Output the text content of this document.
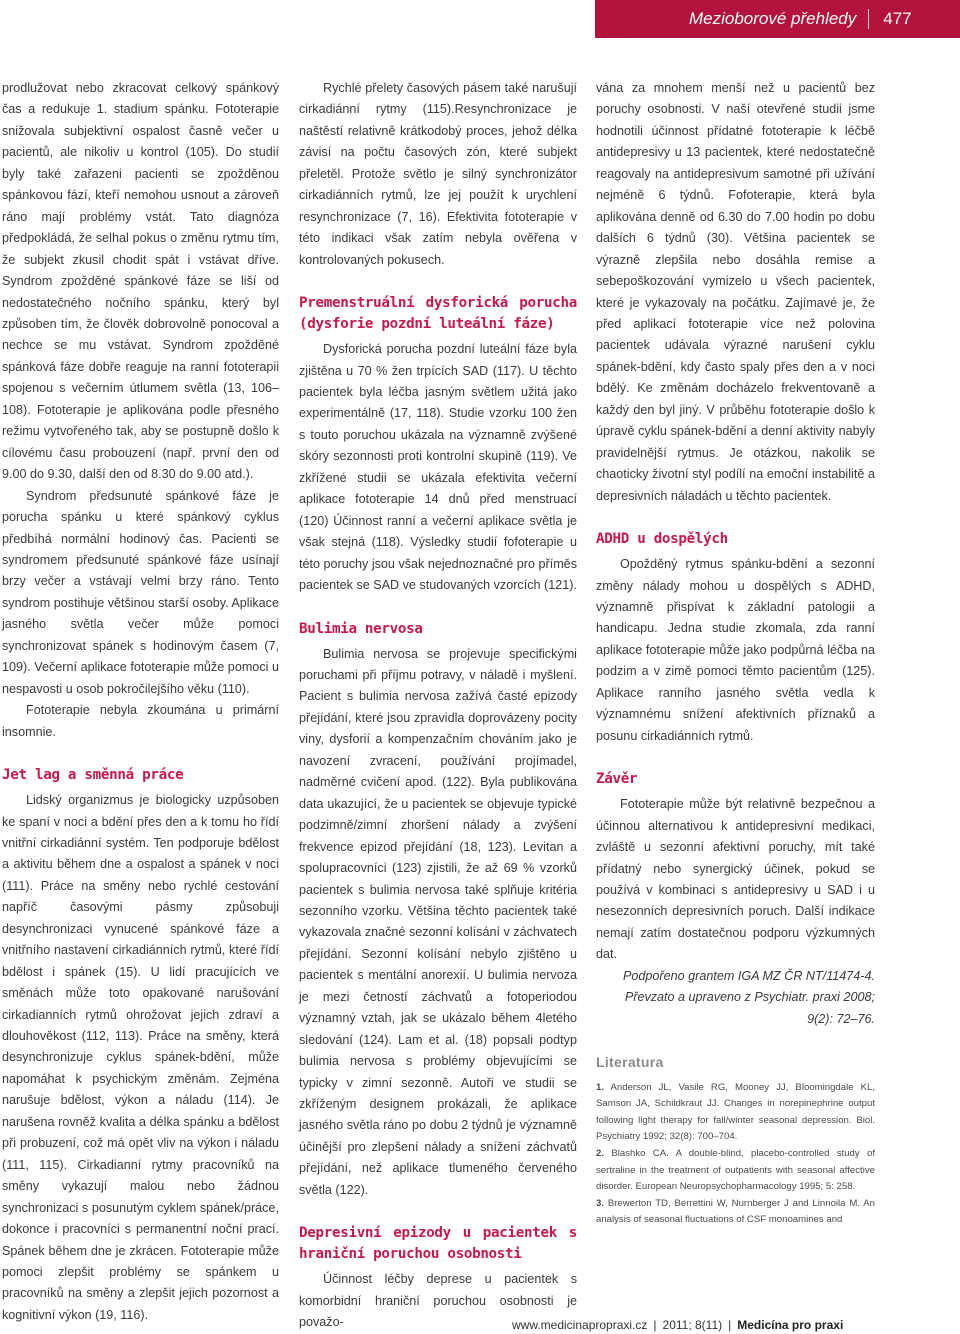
Mezioborové přehledy 477

prodlužovat nebo zkracovat celkový spánkový čas a redukuje 1. stadium spánku. Fototerapie snižovala subjektivní ospalost časně večer u pacientů, ale nikoliv u kontrol (105). Do studií byly také zařazeni pacienti se zpožděnou spánkovou fází, kteří nemohou usnout a zároveň ráno mají problémy vstát. Tato diagnóza předpokládá, že selhal pokus o změnu rytmu tím, že subjekt zkusil chodit spát i vstávat dříve. Syndrom zpožděné spánkové fáze se liší od nedostatečného nočního spánku, který byl způsoben tím, že člověk dobrovolně ponocoval a nechce se mu vstávat. Syndrom zpožděné spánková fáze dobře reaguje na ranní fototerapii spojenou s večerním útlumem světla (13, 106–108). Fototerapie je aplikována podle přesného režimu vytvořeného tak, aby se postupně došlo k cílovému času probouzení (např. první den od 9.00 do 9.30, další den od 8.30 do 9.00 atd.).

Syndrom předsunuté spánkové fáze je poruchа spánku u které spánkový cyklus předbíhá normální hodinový čas. Pacienti se syndromem předsunuté spánkové fáze usínají brzy večer a vstávají velmi brzy ráno. Tento syndrom postihuje většinou starší osoby. Aplikace jasného světla večer může pomoci synchronizovat spánek s hodinovým časem (7, 109). Večerní aplikace fototerapie může pomoci u nespavosti u osob pokročilejšího věku (110).

Fototerapie nebyla zkoumána u primární insomnie.

Jet lag a směnná práce

Lidský organizmus je biologicky uzpůsoben ke spaní v noci a bdění přes den a k tomu ho řídí vnitřní cirkadiánní systém. Ten podporuje bdělost a aktivitu během dne a ospalost a spánek v noci (111). Práce na směny nebo rychlé cestování napříč časovými pásmy způsobuji desynchronizaci vynucené spánkové fáze a vnitřního nastavení cirkadiánních rytmů, které řídí bdělost i spánek (15). U lidí pracujících ve směnách může toto opakované narušování cirkadianních rytmů ohrožovat jejich zdraví a dlouhověkost (112, 113). Práce na směny, která desynchronizuje cyklus spánek-bdění, může napomáhat k psychickým změnám. Zejména narušuje bdělost, výkon a náladu (114). Je narušena rovněž kvalita a délka spánku a bdělost při probuzení, což má opět vliv na výkon i náladu (111, 115). Cirkadianní rytmy pracovníků na směny vykazují malou nebo žádnou synchronizaci s posunutým cyklem spánek/práce, dokonce i pracovníci s permanentní noční prací. Spánek během dne je zkrácen. Fototerapie může pomoci zlepšit problémy se spánkem u pracovníků na směny a zlepšit jejich pozornost a kognitivní výkon (19, 116).

Rychlé přelety časových pásem také narušují cirkadiánní rytmy (115).Resynchronizace je naštěstí relativně krátkodobý proces, jehož délka závisí na počtu časových zón, které subjekt přeletěl. Protože světlo je silný synchronizátor cirkadiánních rytmů, lze jej použít k urychlení resynchronizace (7, 16). Efektivita fototerapie v této indikaci však zatím nebyla ověřena v kontrolovaných pokusech.

Premenstruální dysforická porucha (dysforie pozdní luteální fáze)

Dysforická porucha pozdní luteální fáze byla zjištěna u 70 % žen trpících SAD (117). U těchto pacientek byla léčba jasným světlem užitá jako experimentálně (17, 118). Studie vzorku 100 žen s touto poruchou ukázala na významně zvýšené skóry sezonnosti proti kontrolní skupině (119). Ve zkřížené studii se ukázala efektivita večerní aplikace fototerapie 14 dnů před menstruací (120) Účinnost ranní a večerní aplikace světla je však stejná (118). Výsledky studií fofoterapie u této poruchy jsou však nejednoznačné pro příměs pacientek se SAD ve studovaných vzorcích (121).

Bulimia nervosa

Bulimia nervosa se projevuje specifickými poruchami při příjmu potravy, v náladě i myšlení. Pacient s bulimia nervosa zažívá časté epizody přejídání, které jsou zpravidla doprovázeny pocity viny, dysforií a kompenzačním chováním jako je navození zvracení, používání projímadel, nadměrné cvičení apod. (122). Byla publikována data ukazující, že u pacientek se objevuje typické podzimně/zimní zhoršení nálady a zvýšení frekvence epizod přejídání (18, 123). Levitan a spolupracovníci (123) zjistili, že až 69 % vzorků pacientek s bulimia nervosa také splňuje kritéria sezonního vzorku. Většina těchto pacientek také vykazovala značné sezonní kolísání v záchvatech přejídání. Sezonní kolísání nebylo zjištěno u pacientek s mentální anorexií. U bulimia nervoza je mezi četností záchvatů a fotoperiodou významný vztah, jak se ukázalo během 4letého sledování (124). Lam et al. (18) popsali podtyp bulimia nervosa s problémy objevujícími se typicky v zimní sezonně. Autoři ve studii se zkříženým designem prokázali, že aplikace jasného světla ráno po dobu 2 týdnů je významně účinější pro zlepšení nálady a snížení záchvatů přejídání, než aplikace tlumeného červeného světla (122).

Depresivní epizody u pacientek s hraniční poruchou osobnosti

Účinnost léčby deprese u pacientek s komorbidní hraniční poruchou osobnosti je považo-

vána za mnohem menší než u pacientů bez poruchy osobnosti. V naší otevřené studii jsme hodnotili účinnost přídatné fototerapie k léčbě antidepresivy u 13 pacientek, které nedostatečně reagovaly na antidepresivum samotné při užívání nejméně 6 týdnů. Fofoterapie, která byla aplikována denně od 6.30 do 7.00 hodin po dobu dalších 6 týdnů (30). Většina pacientek se výrazně zlepšila nebo dosáhla remise a sebepoškozování vymizelo u všech pacientek, které je vykazovaly na počátku. Zajímavé je, že před aplikací fototerapie více než polovina pacientek udávala výrazné narušení cyklu spánek-bdění, kdy často spaly přes den a v noci bdělý. Ke změnám docházelo frekventovaně a každý den byl jiný. V průběhu fototerapie došlo k úpravě cyklu spánek-bdění a denní aktivity nabyly pravidelnější rytmus. Je otázkou, nakolik se chaoticky životní styl podílí na emoční instabilitě a depresivních náladách u těchto pacientek.

ADHD u dospělých

Opožděný rytmus spánku-bdění a sezonní změny nálady mohou u dospělých s ADHD, významně přispívat k základní patologii a handicapu. Jedna studie zkomala, zda ranní aplikace fototerapie může jako podpůrná léčba na podzim a v zimě pomoci těmto pacientům (125). Aplikace ranního jasného světla vedla k významnému snížení afektivních příznaků a posunu cirkadiánních rytmů.

Závěr

Fototerapie může být relativně bezpečnou a účinnou alternativou k antidepresivní medikaci, zvláště u sezonní afektivní poruchy, mít také přídatný nebo synergický účinek, pokud se používá v kombinaci s antidepresivy u SAD i u nesezonních depresivních poruch. Další indikace nemají zatím dostatečnou podporu výzkumných dat.

Podpořeno grantem IGA MZ ČR NT/11474-4.

Převzato a upraveno z Psychiatr. praxi 2008; 9(2): 72–76.

Literatura

1. Anderson JL, Vasile RG, Mooney JJ, Bloomingdale KL, Samson JA, Schildkraut JJ. Changes in norepinephrine output following light therapy for fall/winter seasonal depression. Biol. Psychiatry 1992; 32(8): 700–704.

2. Blashko CA. A double-blind, placebo-controlled study of sertraline in the treatment of outpatients with seasonal affective disorder. European Neuropsychopharmacology 1995; 5: 258.

3. Brewerton TD, Berrettini W, Nurnberger J and Linnoila M. An analysis of seasonal fluctuations of CSF monoamines and

www.medicinapropraxi.cz | 2011; 8(11) | Medicína pro praxi
